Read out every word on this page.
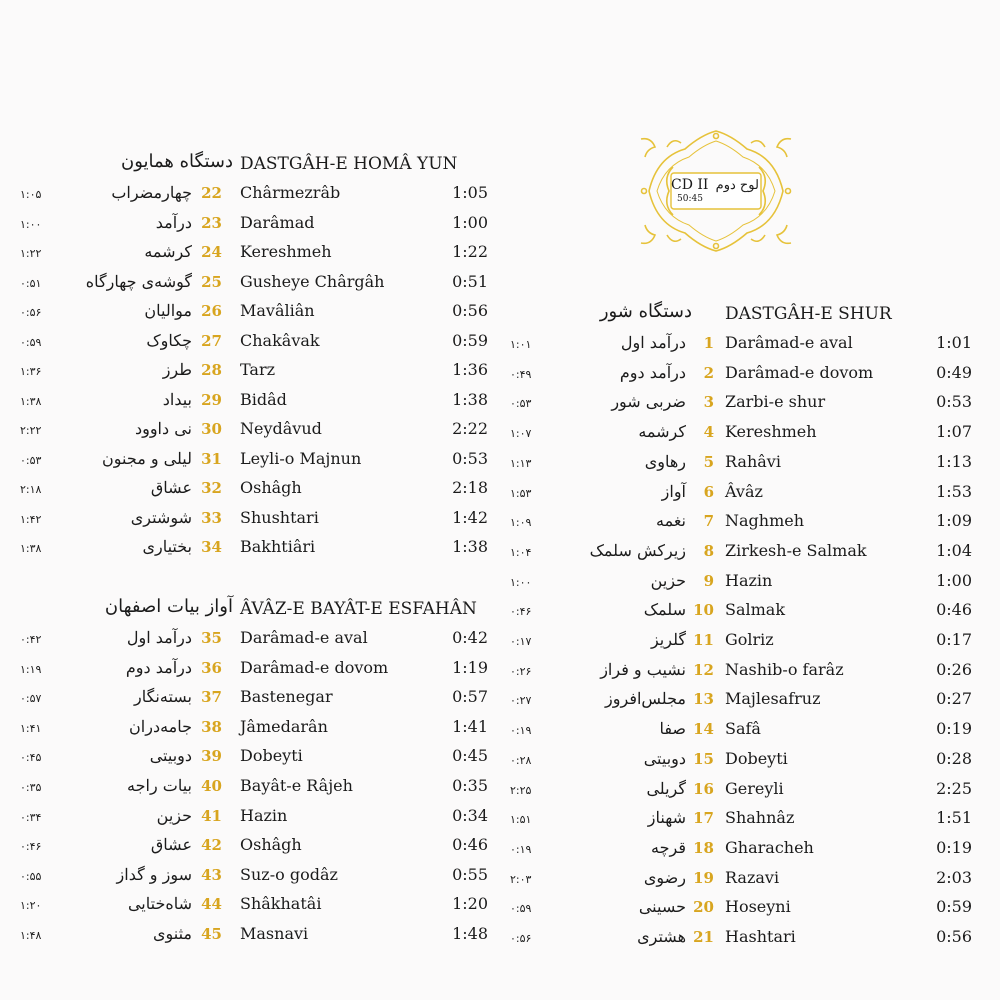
CD II
50:45
لوح دوم
دستگاه همایون DASTGÂH-E HOMÂ YUN
۱:۰۵	چهارمضراب 22 Chârmezrâb	1:05
۱:۰۰	درآمد 23 Darâmad	1:00
۱:۲۲	کرشمه 24 Kereshmeh	1:22
۰:۵۱	گوشه‌ی چهارگاه 25 Gusheye Chârgâh	0:51
۰:۵۶	موالیان 26 Mavâliân	0:56
۰:۵۹	چکاوک 27 Chakâvak	0:59
۱:۳۶	طرز 28 Tarz	1:36
۱:۳۸	بیداد 29 Bidâd	1:38
۲:۲۲	نی داوود 30 Neydâvud	2:22
۰:۵۳	لیلی و مجنون 31 Leyli-o Majnun	0:53
۲:۱۸	عشاق 32 Oshâgh	2:18
۱:۴۲	شوشتری 33 Shushtari	1:42
۱:۳۸	بختیاری 34 Bakhtiâri	1:38
آواز بیات اصفهان ÂVÂZ-E BAYÂT-E ESFAHÂN
۰:۴۲	درآمد اول 35 Darâmad-e aval	0:42
۱:۱۹	درآمد دوم 36 Darâmad-e dovom	1:19
۰:۵۷	بسته‌نگار 37 Bastenegar	0:57
۱:۴۱	جامه‌دران 38 Jâmedarân	1:41
۰:۴۵	دوبیتی 39 Dobeyti	0:45
۰:۳۵	بیات راجه 40 Bayât-e Râjeh	0:35
۰:۳۴	حزین 41 Hazin	0:34
۰:۴۶	عشاق 42 Oshâgh	0:46
۰:۵۵	سوز و گداز 43 Suz-o godâz	0:55
۱:۲۰	شاه‌ختایی 44 Shâkhatâi	1:20
۱:۴۸	مثنوی 45 Masnavi	1:48
دستگاه شور DASTGÂH-E SHUR
۱:۰۱	درآمد اول	1 Darâmad-e aval	1:01
۰:۴۹	درآمد دوم	2 Darâmad-e dovom	0:49
۰:۵۳	ضربی شور	3 Zarbi-e shur	0:53
۱:۰۷	کرشمه	4 Kereshmeh	1:07
۱:۱۳	رهاوی	5 Rahâvi	1:13
۱:۵۳	آواز	6 Âvâz	1:53
۱:۰۹	نغمه	7 Naghmeh	1:09
۱:۰۴	زیرکش سلمک	8 Zirkesh-e Salmak	1:04
۱:۰۰	حزین	9 Hazin	1:00
۰:۴۶	سلمک 10 Salmak	0:46
۰:۱۷	گلریز 11 Golriz	0:17
۰:۲۶	نشیب و فراز 12 Nashib-o farâz	0:26
۰:۲۷	مجلس‌افروز 13 Majlesafruz	0:27
۰:۱۹	صفا 14 Safâ	0:19
۰:۲۸	دوبیتی 15 Dobeyti	0:28
۲:۲۵	گریلی 16 Gereyli	2:25
۱:۵۱	شهناز 17 Shahnâz	1:51
۰:۱۹	قرچه 18 Gharacheh	0:19
۲:۰۳	رضوی 19 Razavi	2:03
۰:۵۹	حسینی 20 Hoseyni	0:59
۰:۵۶	هشتری 21 Hashtari	0:56
